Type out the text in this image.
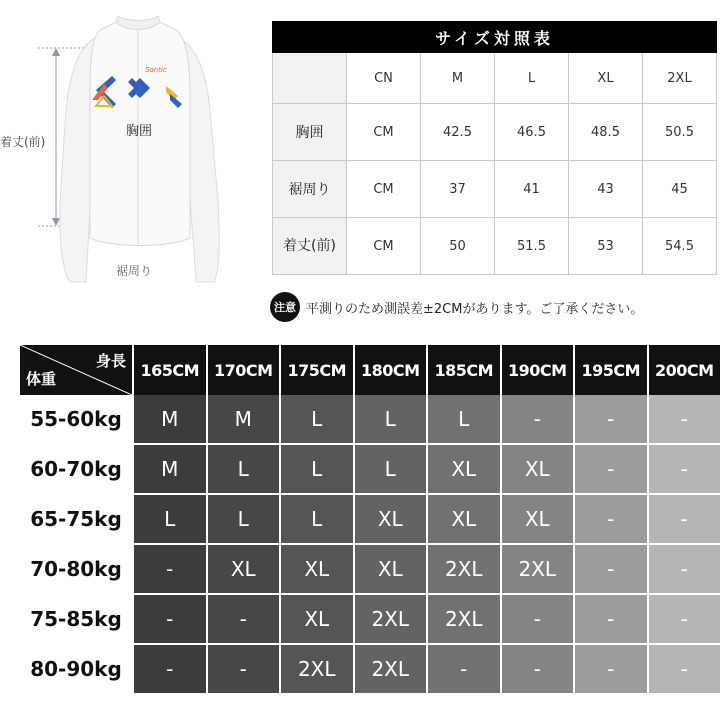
Santic
着丈(前)
胸囲
裾周り
サイズ対照表					
	CN	M	L	XL	2XL
胸囲	CM	42.5	46.5	48.5	50.5
裾周り	CM	37	41	43	45
着丈(前)	CM	50	51.5	53	54.5
注意 平測りのため測誤差±2CMがあります。ご了承ください。
身長
体重	165CM 170CM 175CM 180CM 185CM 190CM 195CM 200CM
55-60kg	M	M	L	L	L	-	-	-
60-70kg	M	L	L	L	XL	XL	-	-
65-75kg	L	L	L	XL	XL	XL	-	-
70-80kg	-	XL	XL	XL	2XL	2XL	-	-
75-85kg	-	-	XL	2XL	2XL	-	-	-
80-90kg	-	-	2XL	2XL	-	-	-	-
